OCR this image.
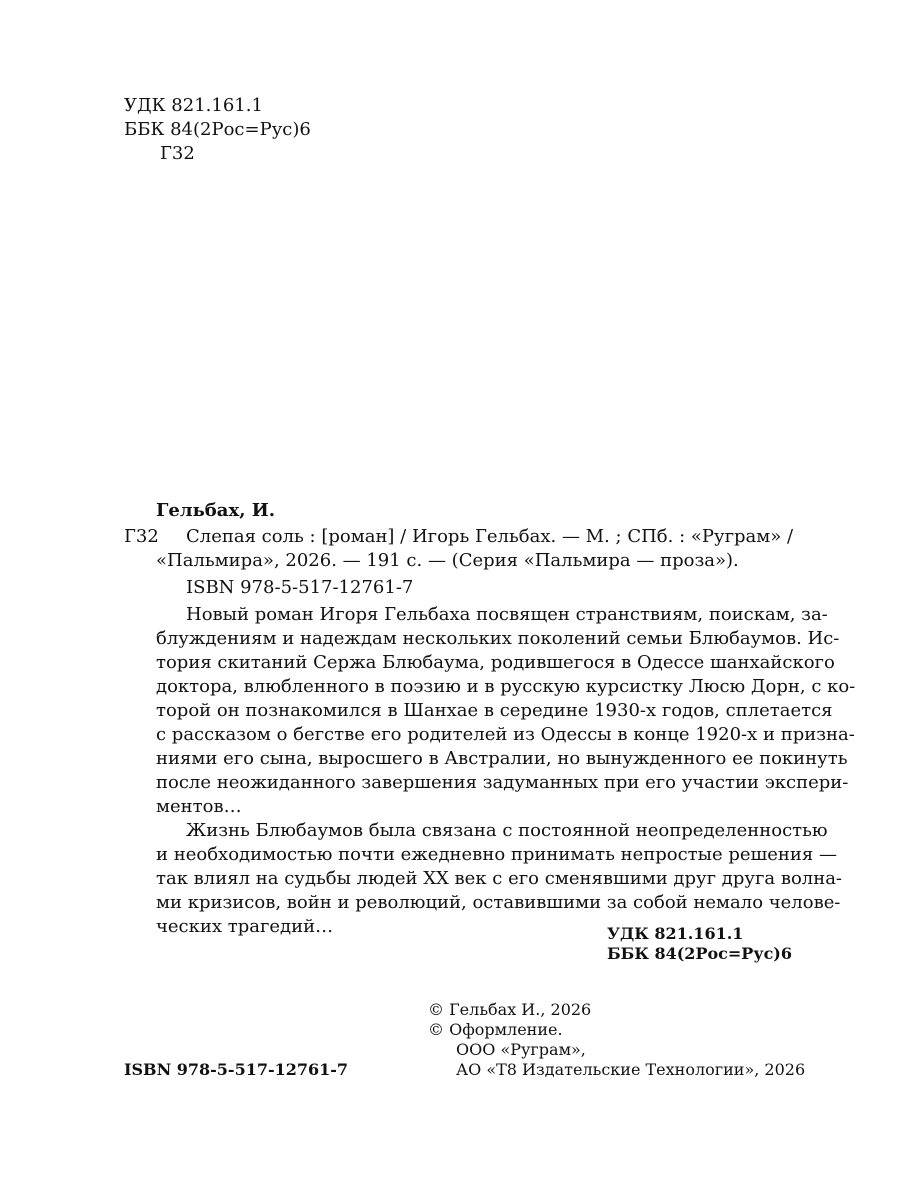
УДК 821.161.1
ББК 84(2Рос=Рус)6
Г32
Гельбах, И.
Г32 Слепая соль : [роман] / Игорь Гельбах. — М. ; СПб. : «Руграм» /
«Пальмира», 2026. — 191 с. — (Серия «Пальмира — проза»).
ISBN 978-5-517-12761-7
Новый роман Игоря Гельбаха посвящен странствиям, поискам, за -
блуждениям и надеждам нескольких поколений семьи Блюбаумов. Ис -
тория скитаний Сержа Блюбаума, родившегося в Одессе шанхайского
доктора, влюбленного в поэзию и в русскую курсистку Люсю Дорн, с ко -
торой он познакомился в Шанхае в середине 1930-х годов, сплетается
с рассказом о бегстве его родителей из Одессы в конце 1920-х и призна -
ниями его сына, выросшего в Австралии, но вынужденного ее покинуть
после неожиданного завершения задуманных при его участии экспери -
ментов…
Жизнь Блюбаумов была связана с постоянной неопределенностью
и необходимостью почти ежедневно принимать непростые решения —
так влиял на судьбы людей XX век с его сменявшими друг друга волна -
ми кризисов, войн и революций, оставившими за собой немало челове -
ческих трагедий…	УДК 821.161.1
ББК 84(2Рос=Рус)6
© Гельбах И., 2026
© Оформление.
ООО «Руграм»,
АО «Т8 Издательские Технологии», 2026
ISBN 978-5-517-12761-7
